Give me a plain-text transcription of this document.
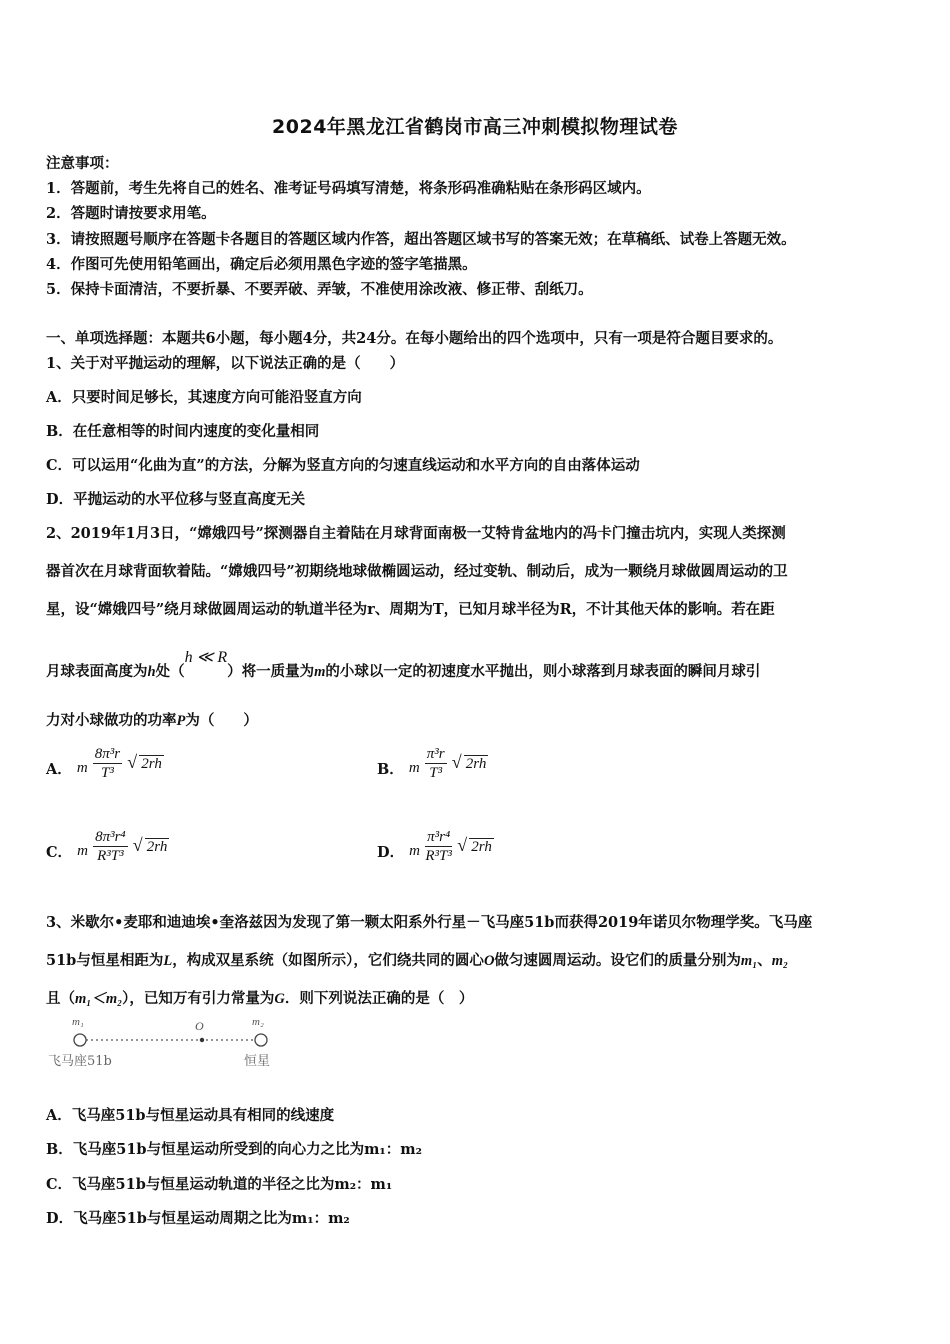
2024年黑龙江省鹤岗市高三冲刺模拟物理试卷
注意事项：
1．答题前，考生先将自己的姓名、准考证号码填写清楚，将条形码准确粘贴在条形码区域内。
2．答题时请按要求用笔。
3．请按照题号顺序在答题卡各题目的答题区域内作答，超出答题区域书写的答案无效；在草稿纸、试卷上答题无效。
4．作图可先使用铅笔画出，确定后必须用黑色字迹的签字笔描黑。
5．保持卡面清洁，不要折暴、不要弄破、弄皱，不准使用涂改液、修正带、刮纸刀。
一、单项选择题：本题共6小题，每小题4分，共24分。在每小题给出的四个选项中，只有一项是符合题目要求的。
1、关于对平抛运动的理解，以下说法正确的是（　　）
A．只要时间足够长，其速度方向可能沿竖直方向
B．在任意相等的时间内速度的变化量相同
C．可以运用“化曲为直”的方法，分解为竖直方向的匀速直线运动和水平方向的自由落体运动
D．平抛运动的水平位移与竖直高度无关
2、2019年1月3日，“嫦娥四号”探测器自主着陆在月球背面南极一艾特肯盆地内的冯卡门撞击坑内，实现人类探测
器首次在月球背面软着陆。“嫦娥四号”初期绕地球做椭圆运动，经过变轨、制动后，成为一颗绕月球做圆周运动的卫
星，设“嫦娥四号”绕月球做圆周运动的轨道半径为r、周期为T，已知月球半径为R，不计其他天体的影响。若在距
月球表面高度为h处（h ≪ R）将一质量为m的小球以一定的初速度水平抛出，则小球落到月球表面的瞬间月球引
力对小球做功的功率P为（　　）
A． m $\frac{\text{8π³r}}{\text{T³}}$
√ 2rh	B． m $\frac{\text{π³r}}{\text{T³}}$
√ 2rh
C． m $\frac{\text{8π³r⁴}}{\text{R³T³}}$
√ 2rh	D． m $\frac{\text{π³r⁴}}{\text{R³T³}}$
√ 2rh
3、米歇尔•麦耶和迪迪埃•奎洛兹因为发现了第一颗太阳系外行星－飞马座51b而获得2019年诺贝尔物理学奖。飞马座
51b与恒星相距为L，构成双星系统（如图所示），它们绕共同的圆心O做匀速圆周运动。设它们的质量分别为m₁、m₂
且（m₁＜m₂），已知万有引力常量为G．则下列说法正确的是（　）
m₁	O	m₂
飞马座51b	恒星
A．飞马座51b与恒星运动具有相同的线速度
B．飞马座51b与恒星运动所受到的向心力之比为m₁：m₂
C．飞马座51b与恒星运动轨道的半径之比为m₂：m₁
D．飞马座51b与恒星运动周期之比为m₁：m₂
